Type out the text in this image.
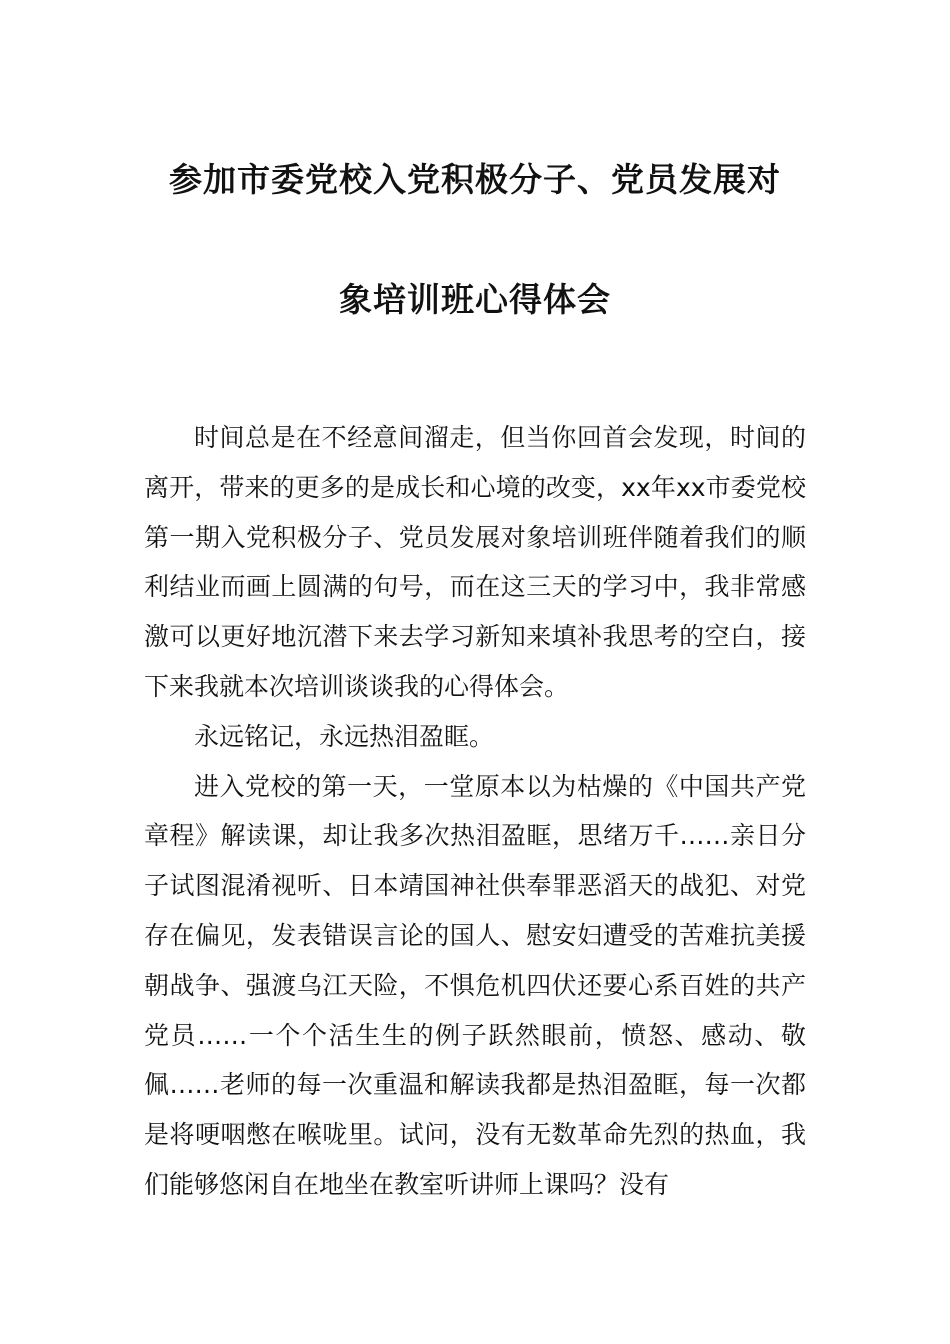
参加市委党校入党积极分子、党员发展对
象培训班心得体会

时间总是在不经意间溜走，但当你回首会发现，时间的离开，带来的更多的是成长和心境的改变，xx年xx市委党校第一期入党积极分子、党员发展对象培训班伴随着我们的顺利结业而画上圆满的句号，而在这三天的学习中，我非常感激可以更好地沉潜下来去学习新知来填补我思考的空白，接下来我就本次培训谈谈我的心得体会。

永远铭记，永远热泪盈眶。

进入党校的第一天，一堂原本以为枯燥的《中国共产党章程》解读课，却让我多次热泪盈眶，思绪万千……亲日分子试图混淆视听、日本靖国神社供奉罪恶滔天的战犯、对党存在偏见，发表错误言论的国人、慰安妇遭受的苦难抗美援朝战争、强渡乌江天险，不惧危机四伏还要心系百姓的共产党员……一个个活生生的例子跃然眼前，愤怒、感动、敬佩……老师的每一次重温和解读我都是热泪盈眶，每一次都是将哽咽憋在喉咙里。试问，没有无数革命先烈的热血，我们能够悠闲自在地坐在教室听讲师上课吗？没有
